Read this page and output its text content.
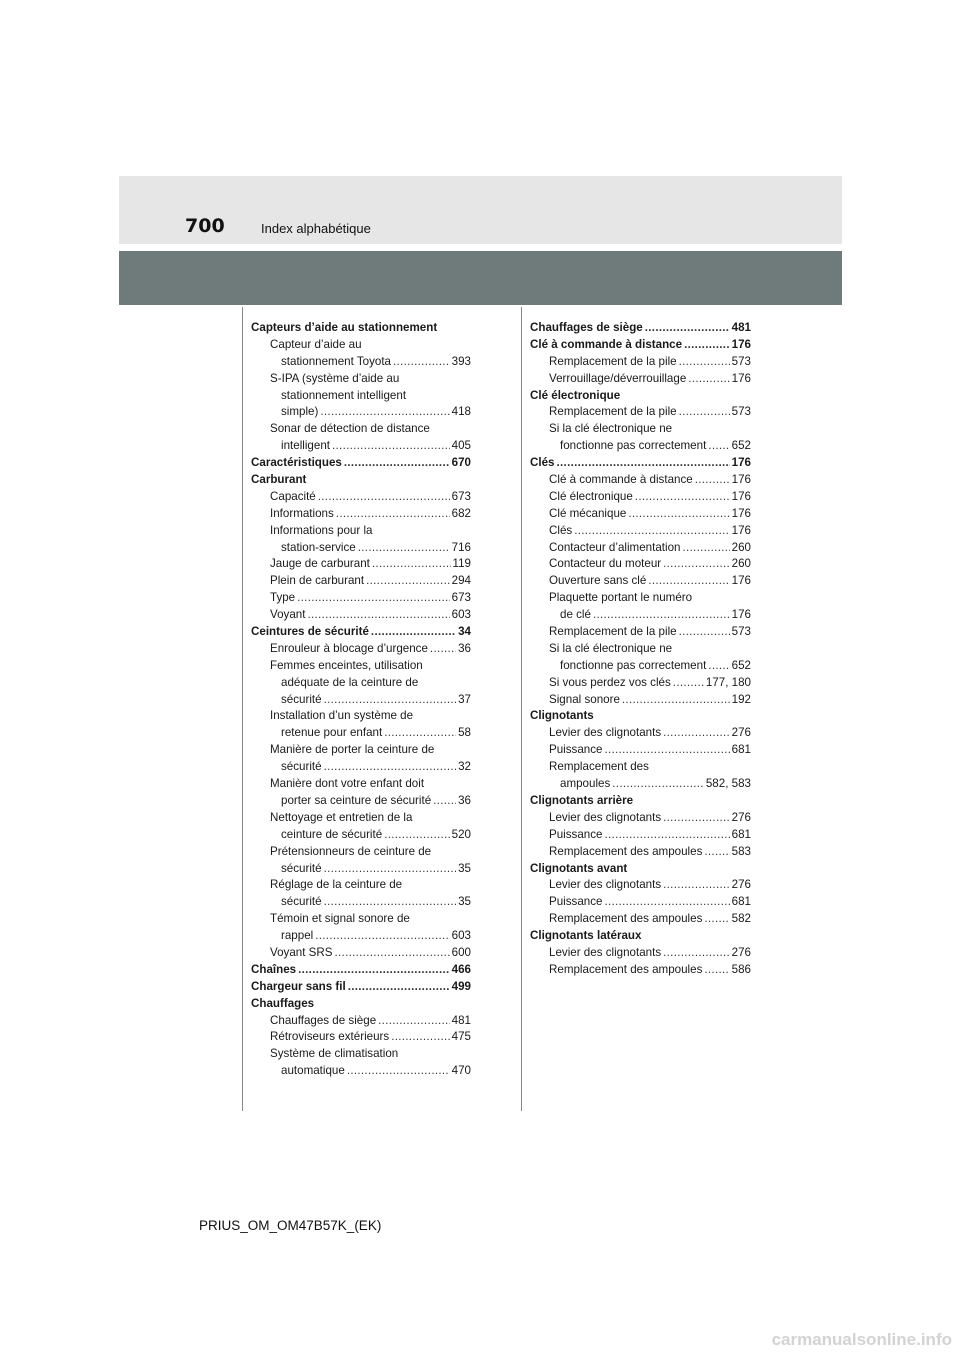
700	Index alphabétique
Capteurs d’aide au stationnement
Capteur d’aide au
stationnement Toyota .....	393
S-IPA (système d’aide au
stationnement intelligent
simple) .....	418
Sonar de détection de distance
intelligent .....	405
Caractéristiques .....	670
Carburant
Capacité .....	673
Informations .....	682
Informations pour la
station-service .....	716
Jauge de carburant .....	119
Plein de carburant .....	294
Type .....	673
Voyant .....	603
Ceintures de sécurité .....	34
Enrouleur à blocage d’urgence .....	36
Femmes enceintes, utilisation
adéquate de la ceinture de
sécurité .....	37
Installation d’un système de
retenue pour enfant .....	58
Manière de porter la ceinture de
sécurité .....	32
Manière dont votre enfant doit
porter sa ceinture de sécurité ..... 36
Nettoyage et entretien de la
ceinture de sécurité .....	520
Prétensionneurs de ceinture de
sécurité .....	35
Réglage de la ceinture de
sécurité .....	35
Témoin et signal sonore de
rappel .....	603
Voyant SRS .....	600
Chaînes .....	466
Chargeur sans fil .....	499
Chauffages
Chauffages de siège .....	481
Rétroviseurs extérieurs .....	475
Système de climatisation
automatique .....	470
Chauffages de siège .....	481
Clé à commande à distance .....	176
Remplacement de la pile .....	573
Verrouillage/déverrouillage .....	176
Clé électronique
Remplacement de la pile .....	573
Si la clé électronique ne
fonctionne pas correctement ..... 652
Clés .....	176
Clé à commande à distance .....	176
Clé électronique .....	176
Clé mécanique .....	176
Clés .....	176
Contacteur d’alimentation .....	260
Contacteur du moteur .....	260
Ouverture sans clé .....	176
Plaquette portant le numéro
de clé .....	176
Remplacement de la pile .....	573
Si la clé électronique ne
fonctionne pas correctement ..... 652
Si vous perdez vos clés .....	177, 180
Signal sonore .....	192
Clignotants
Levier des clignotants .....	276
Puissance .....	681
Remplacement des
ampoules .....	582, 583
Clignotants arrière
Levier des clignotants .....	276
Puissance .....	681
Remplacement des ampoules .....	583
Clignotants avant
Levier des clignotants .....	276
Puissance .....	681
Remplacement des ampoules .....	582
Clignotants latéraux
Levier des clignotants .....	276
Remplacement des ampoules .....	586
PRIUS_OM_OM47B57K_(EK)
carmanualsonline.info
